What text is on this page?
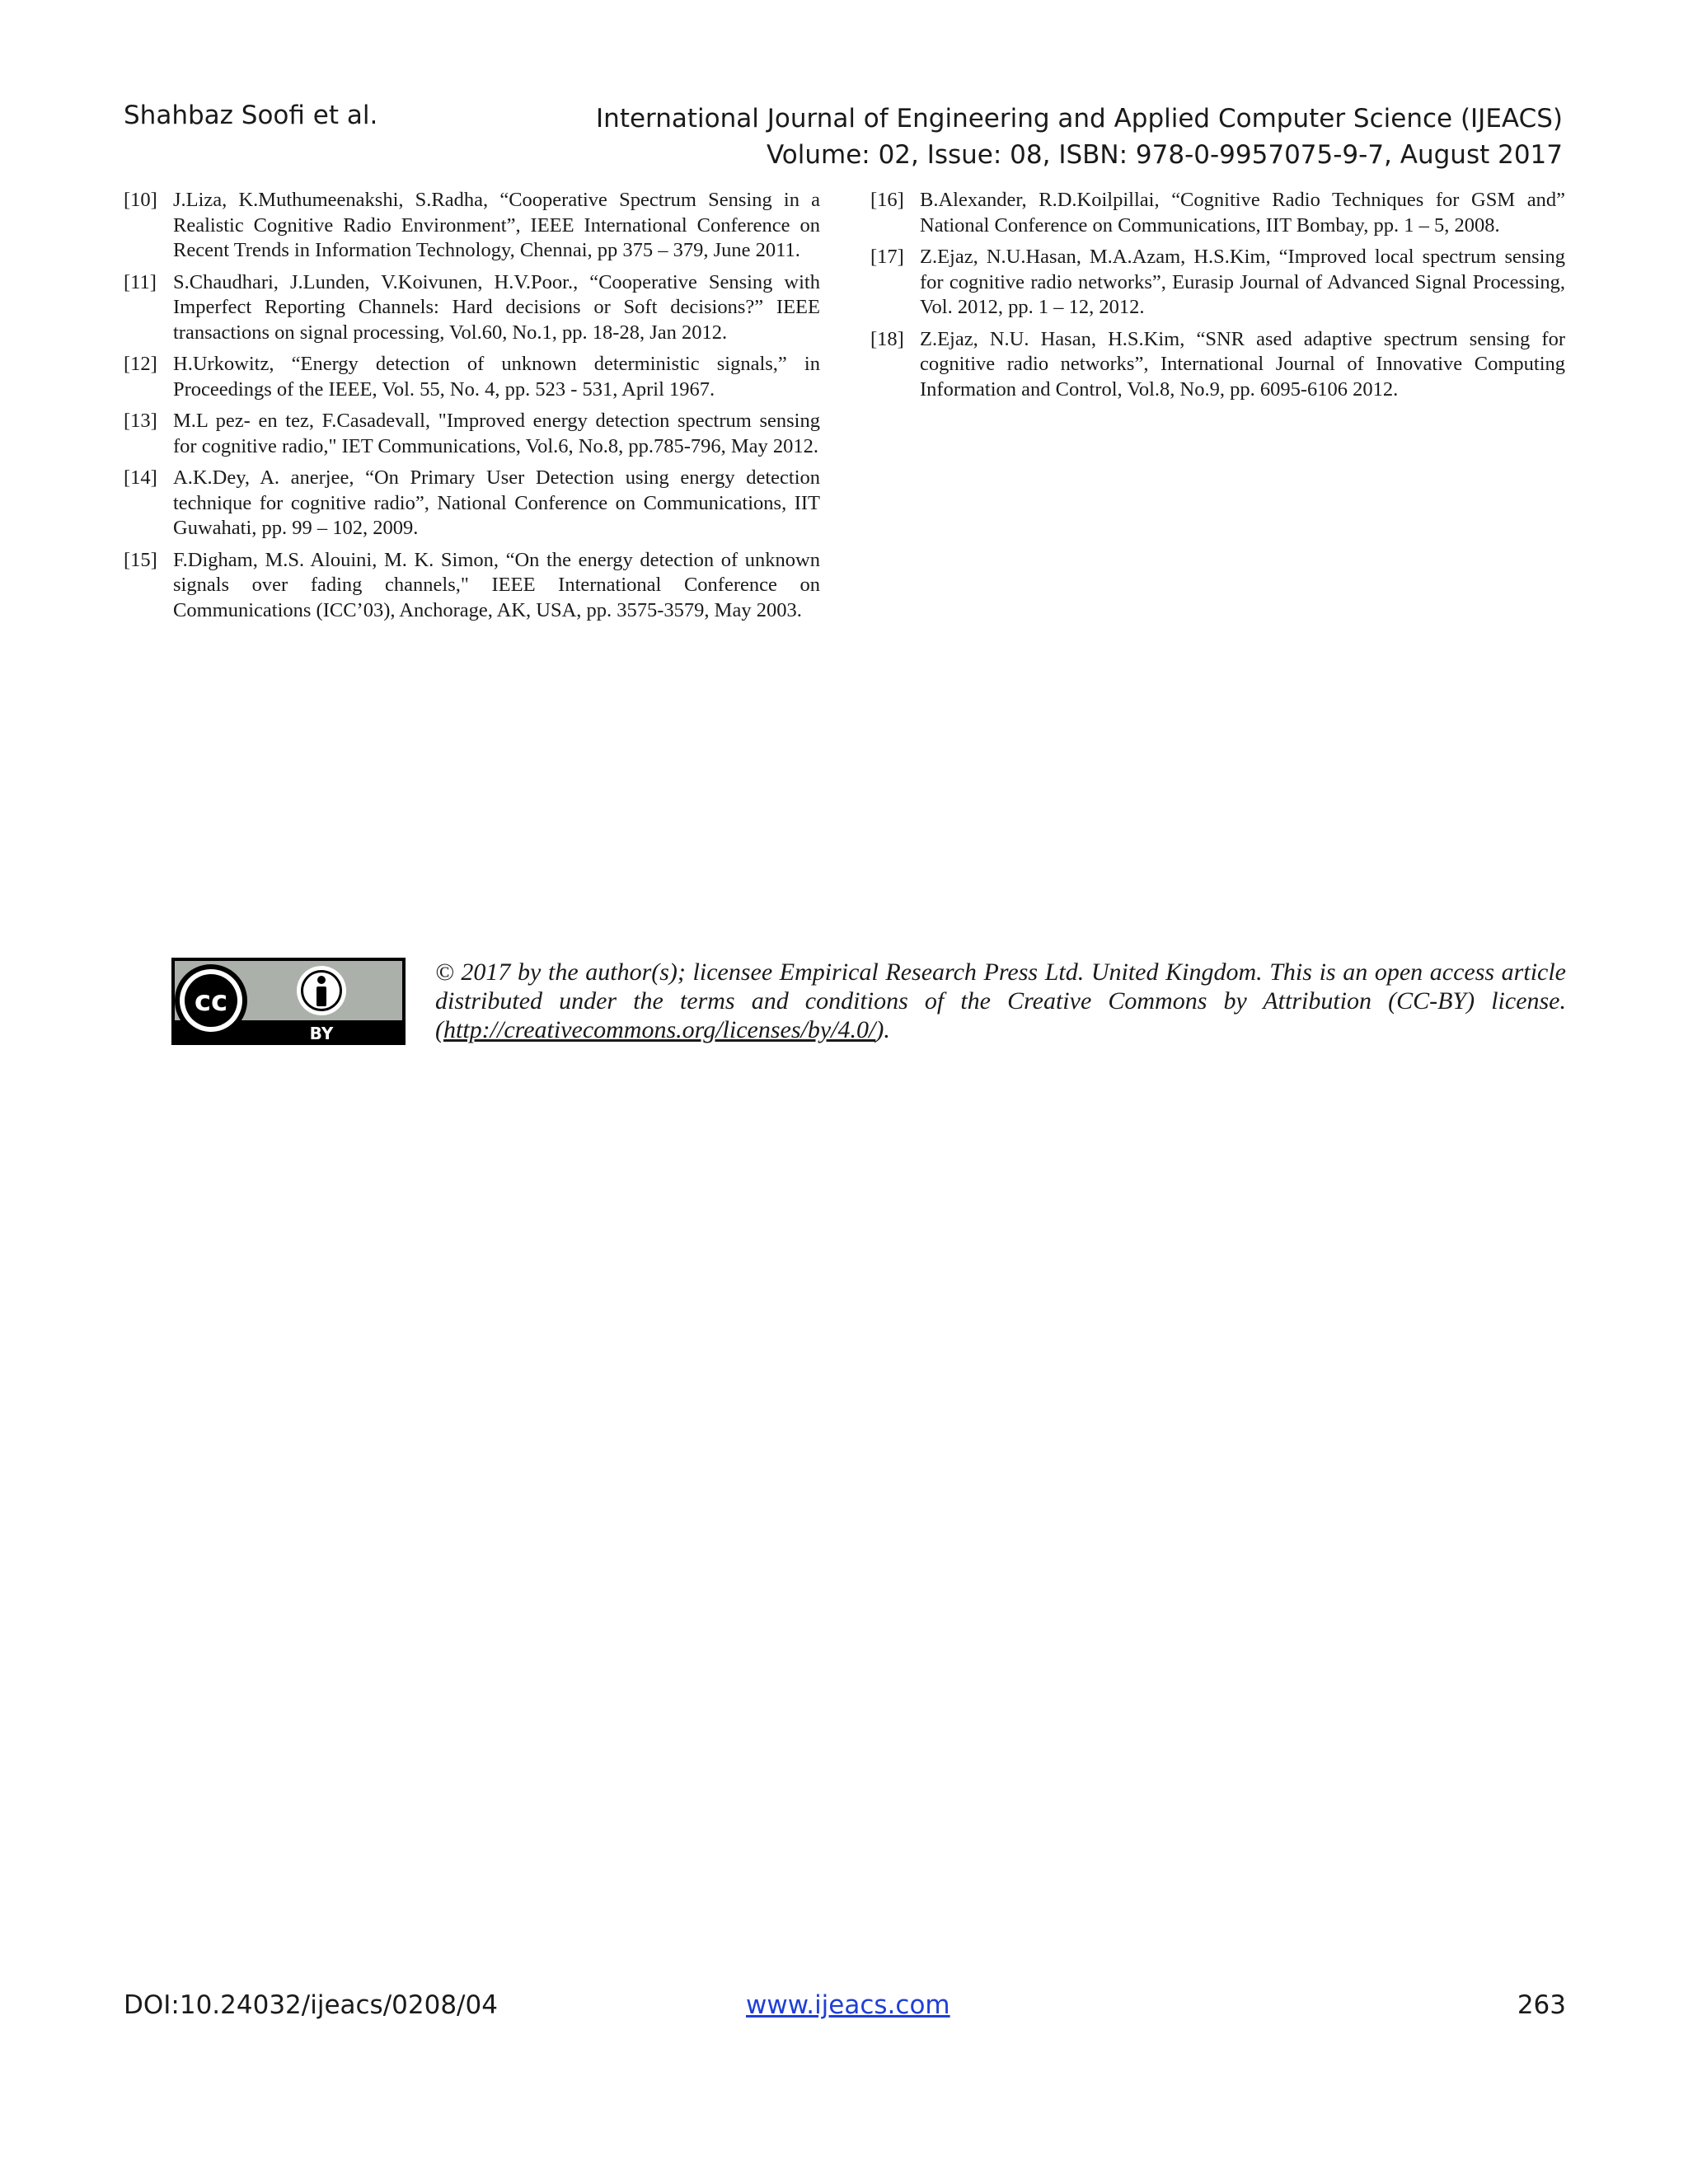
Shahbaz Soofi et al.	International Journal of Engineering and Applied Computer Science (IJEACS)
Volume: 02, Issue: 08, ISBN: 978-0-9957075-9-7, August 2017
[10] J.Liza, K.Muthumeenakshi, S.Radha, “Cooperative Spectrum Sensing in a Realistic Cognitive Radio Environment”, IEEE International Conference on Recent Trends in Information Technology, Chennai, pp 375 – 379, June 2011.
[11] S.Chaudhari, J.Lunden, V.Koivunen, H.V.Poor., “Cooperative Sensing with Imperfect Reporting Channels: Hard decisions or Soft decisions?” IEEE transactions on signal processing, Vol.60, No.1, pp. 18-28, Jan 2012.
[12] H.Urkowitz, “Energy detection of unknown deterministic signals,” in Proceedings of the IEEE, Vol. 55, No. 4, pp. 523 - 531, April 1967.
[13] M.L pez- en tez, F.Casadevall, "Improved energy detection spectrum sensing for cognitive radio," IET Communications, Vol.6, No.8, pp.785-796, May 2012.
[14] A.K.Dey, A. anerjee, “On Primary User Detection using energy detection technique for cognitive radio”, National Conference on Communications, IIT Guwahati, pp. 99 – 102, 2009.
[15] F.Digham, M.S. Alouini, M. K. Simon, “On the energy detection of unknown signals over fading channels," IEEE International Conference on Communications (ICC’03), Anchorage, AK, USA, pp. 3575-3579, May 2003.
[16] B.Alexander, R.D.Koilpillai, “Cognitive Radio Techniques for GSM and” National Conference on Communications, IIT Bombay, pp. 1 – 5, 2008.
[17] Z.Ejaz, N.U.Hasan, M.A.Azam, H.S.Kim, “Improved local spectrum sensing for cognitive radio networks”, Eurasip Journal of Advanced Signal Processing, Vol. 2012, pp. 1 – 12, 2012.
[18] Z.Ejaz, N.U. Hasan, H.S.Kim, “SNR ased adaptive spectrum sensing for cognitive radio networks”, International Journal of Innovative Computing Information and Control, Vol.8, No.9, pp. 6095-6106 2012.
cc
BY
© 2017 by the author(s); licensee Empirical Research Press Ltd. United Kingdom. This is an open access article distributed under the terms and conditions of the Creative Commons by Attribution (CC-BY) license. (http://creativecommons.org/licenses/by/4.0/).
DOI:10.24032/ijeacs/0208/04	www.ijeacs.com	263
